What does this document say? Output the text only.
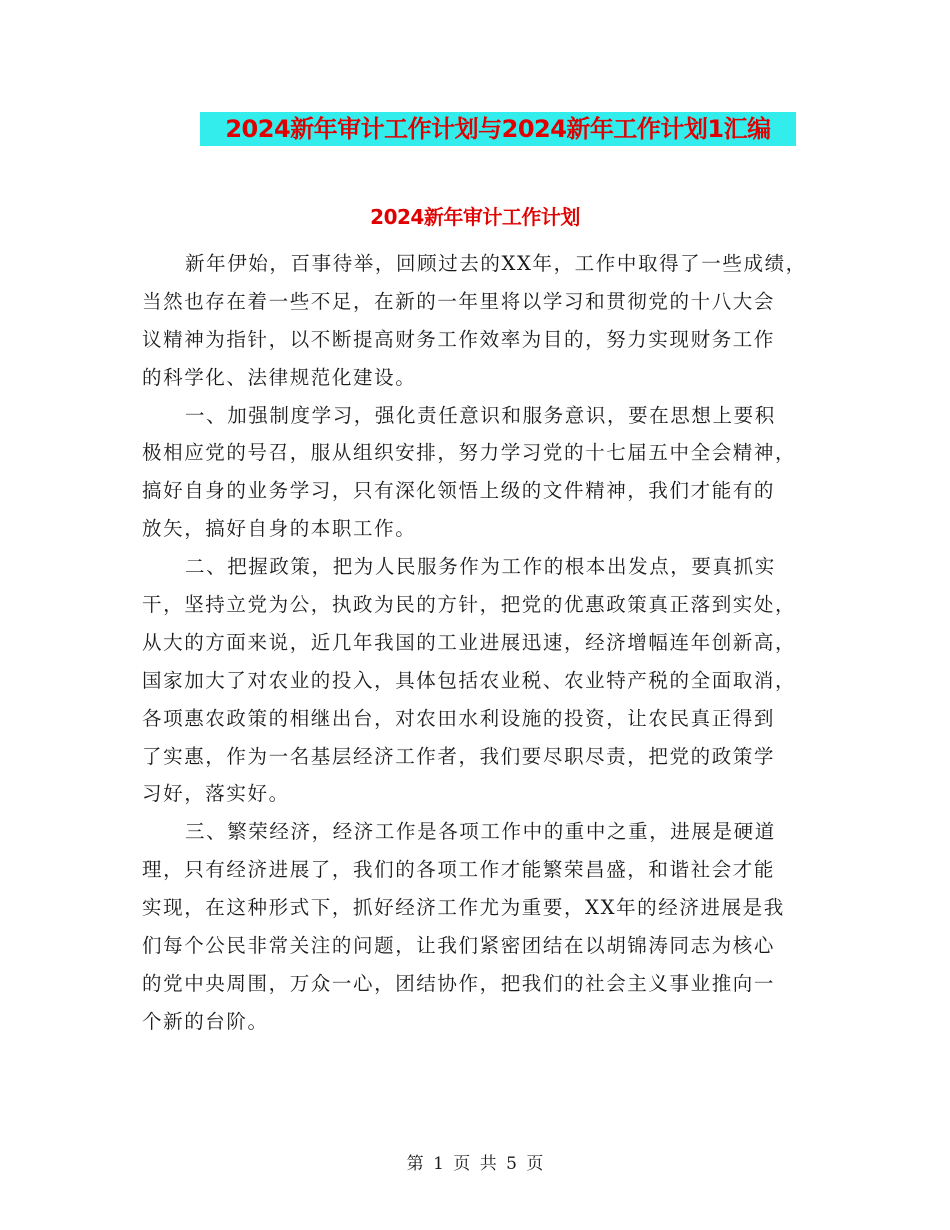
2024新年审计工作计划与2024新年工作计划1汇编
2024新年审计工作计划
新年伊始，百事待举，回顾过去的XX年，工作中取得了一些成绩，
当然也存在着一些不足，在新的一年里将以学习和贯彻党的十八大会
议精神为指针，以不断提高财务工作效率为目的，努力实现财务工作
的科学化、法律规范化建设。
一、加强制度学习，强化责任意识和服务意识，要在思想上要积
极相应党的号召，服从组织安排，努力学习党的十七届五中全会精神，
搞好自身的业务学习，只有深化领悟上级的文件精神，我们才能有的
放矢，搞好自身的本职工作。
二、把握政策，把为人民服务作为工作的根本出发点，要真抓实
干，坚持立党为公，执政为民的方针，把党的优惠政策真正落到实处，
从大的方面来说，近几年我国的工业进展迅速，经济增幅连年创新高，
国家加大了对农业的投入，具体包括农业税、农业特产税的全面取消，
各项惠农政策的相继出台，对农田水利设施的投资，让农民真正得到
了实惠，作为一名基层经济工作者，我们要尽职尽责，把党的政策学
习好，落实好。
三、繁荣经济，经济工作是各项工作中的重中之重，进展是硬道
理，只有经济进展了，我们的各项工作才能繁荣昌盛，和谐社会才能
实现，在这种形式下，抓好经济工作尤为重要，XX年的经济进展是我
们每个公民非常关注的问题，让我们紧密团结在以胡锦涛同志为核心
的党中央周围，万众一心，团结协作，把我们的社会主义事业推向一
个新的台阶。
第 1 页 共 5 页
